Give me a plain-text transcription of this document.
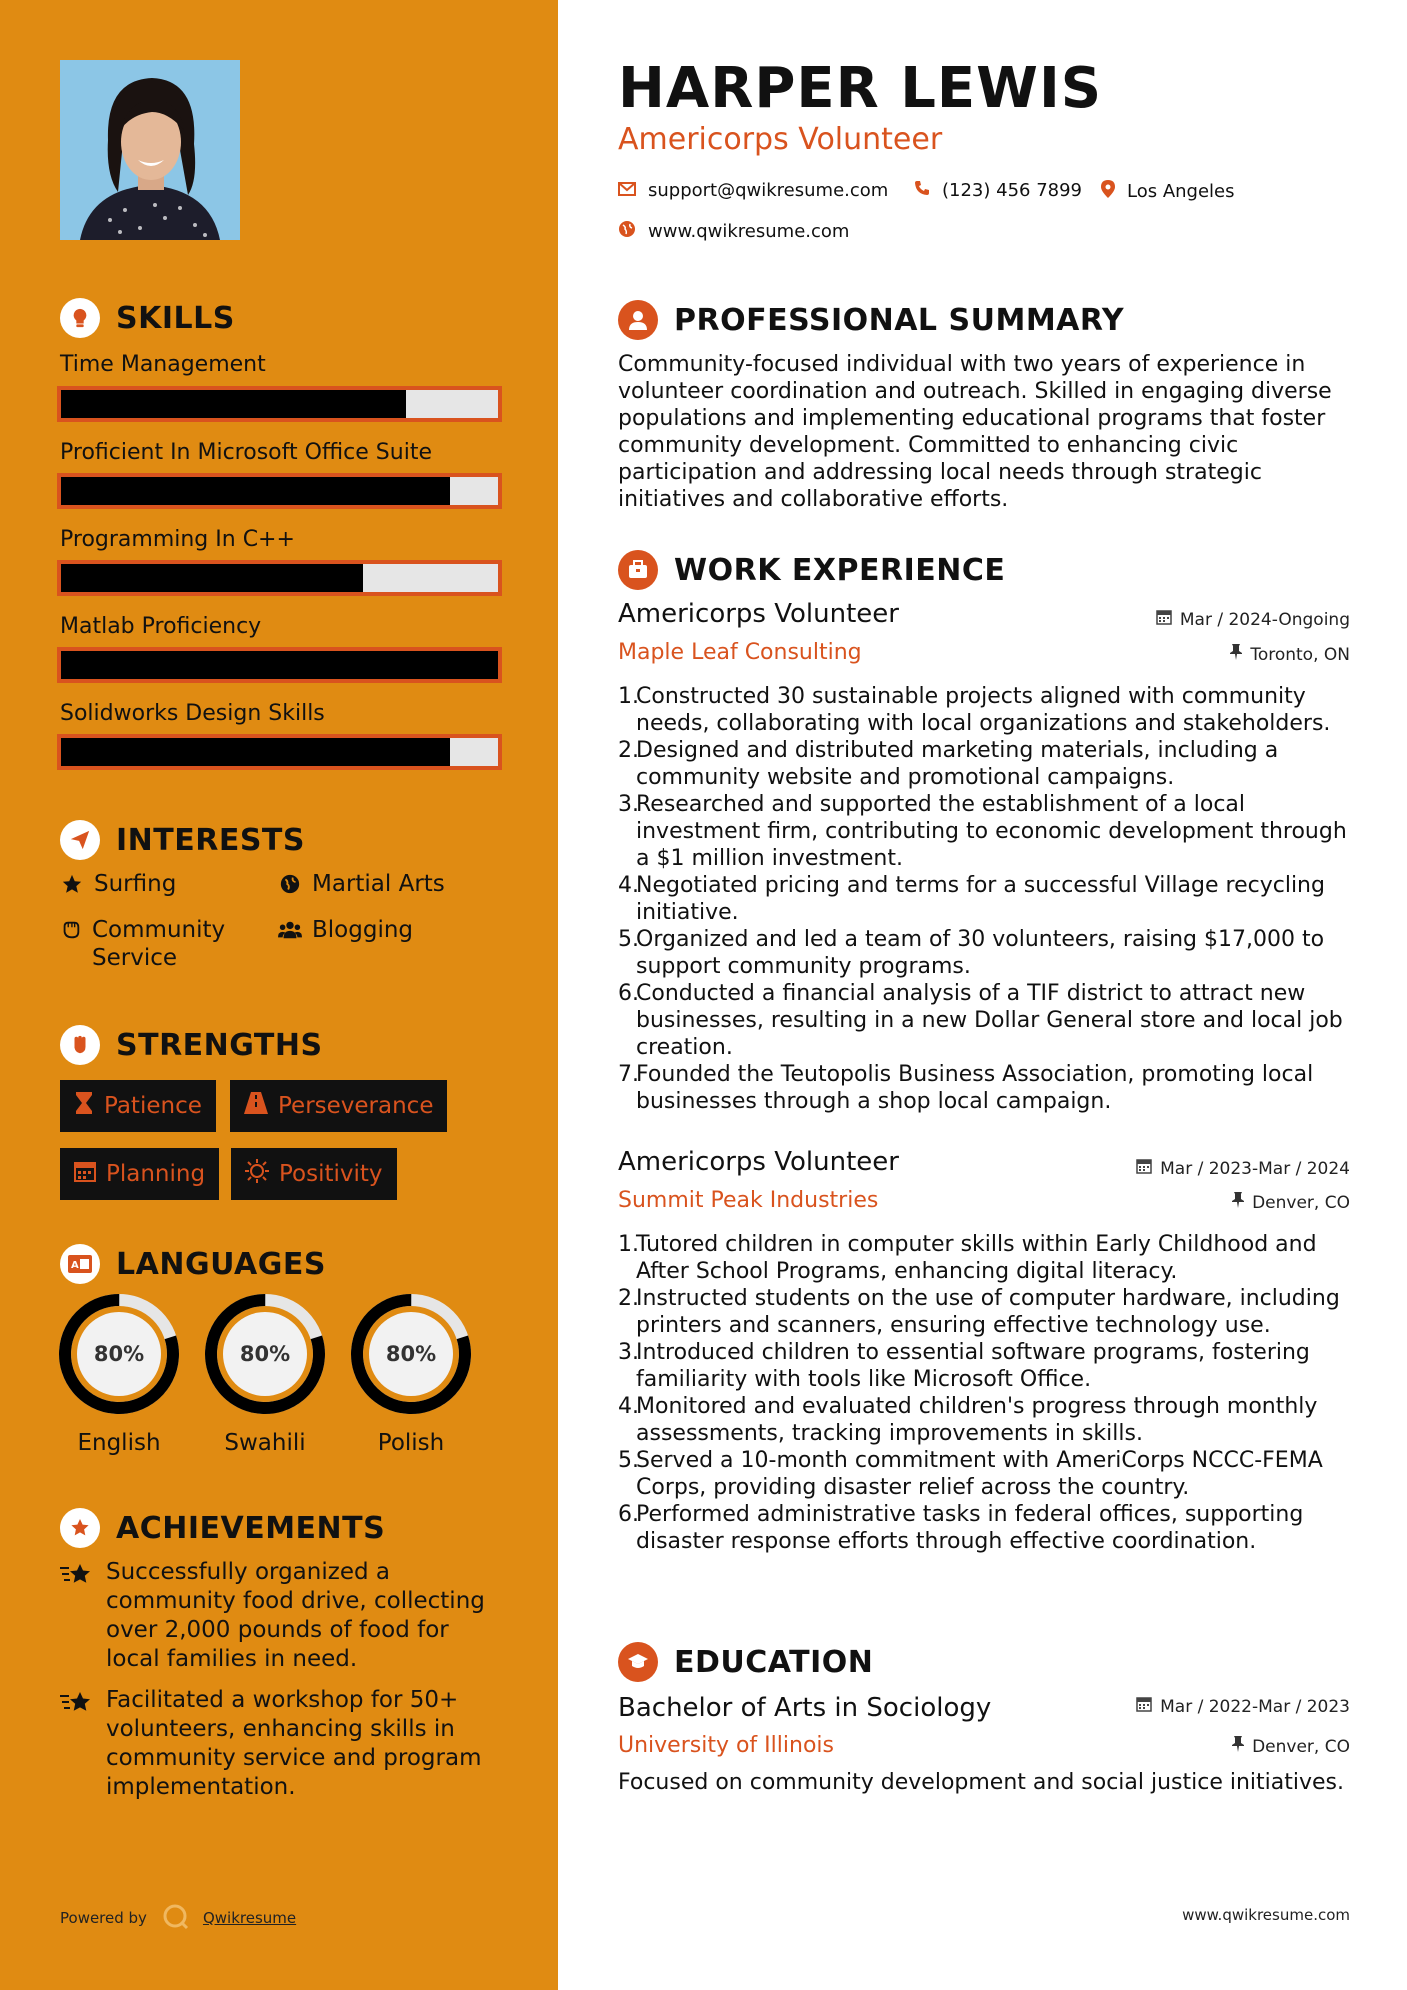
SKILLS
Time Management
Proficient In Microsoft Office Suite
Programming In C++
Matlab Proficiency
Solidworks Design Skills
INTERESTS
Surfing	Martial Arts
Community Service
Blogging
STRENGTHS
Patience	Perseverance
Planning	Positivity
A LANGUAGES
80%
English
80%
Swahili
80%
Polish
ACHIEVEMENTS
Successfully organized a community food drive, collecting over 2,000 pounds of food for local families in need.
Facilitated a workshop for 50+ volunteers, enhancing skills in community service and program implementation.
Powered by	Qwikresume
HARPER LEWIS
Americorps Volunteer
support@qwikresume.com	(123) 456 7899 Los Angeles
www.qwikresume.com
PROFESSIONAL SUMMARY
Community-focused individual with two years of experience in volunteer coordination and outreach. Skilled in engaging diverse populations and implementing educational programs that foster community development. Committed to enhancing civic participation and addressing local needs through strategic initiatives and collaborative efforts.
WORK EXPERIENCE
Americorps Volunteer	Mar / 2024-Ongoing
Maple Leaf Consulting	Toronto, ON
1.
Constructed 30 sustainable projects aligned with community needs, collaborating with local organizations and stakeholders.
2.
Designed and distributed marketing materials, including a community website and promotional campaigns.
3.
Researched and supported the establishment of a local investment firm, contributing to economic development through a $1 million investment.
4.
Negotiated pricing and terms for a successful Village recycling initiative.
5.
Organized and led a team of 30 volunteers, raising $17,000 to support community programs.
6.
Conducted a financial analysis of a TIF district to attract new businesses, resulting in a new Dollar General store and local job creation.
7.
Founded the Teutopolis Business Association, promoting local businesses through a shop local campaign.
Americorps Volunteer	Mar / 2023-Mar / 2024
Summit Peak Industries	Denver, CO
1.
Tutored children in computer skills within Early Childhood and After School Programs, enhancing digital literacy.
2.
Instructed students on the use of computer hardware, including printers and scanners, ensuring effective technology use.
3.
Introduced children to essential software programs, fostering familiarity with tools like Microsoft Office.
4.
Monitored and evaluated children's progress through monthly assessments, tracking improvements in skills.
5.
Served a 10-month commitment with AmeriCorps NCCC-FEMA Corps, providing disaster relief across the country.
6.
Performed administrative tasks in federal offices, supporting disaster response efforts through effective coordination.
EDUCATION
Bachelor of Arts in Sociology	Mar / 2022-Mar / 2023
University of Illinois	Denver, CO
Focused on community development and social justice initiatives.
www.qwikresume.com
